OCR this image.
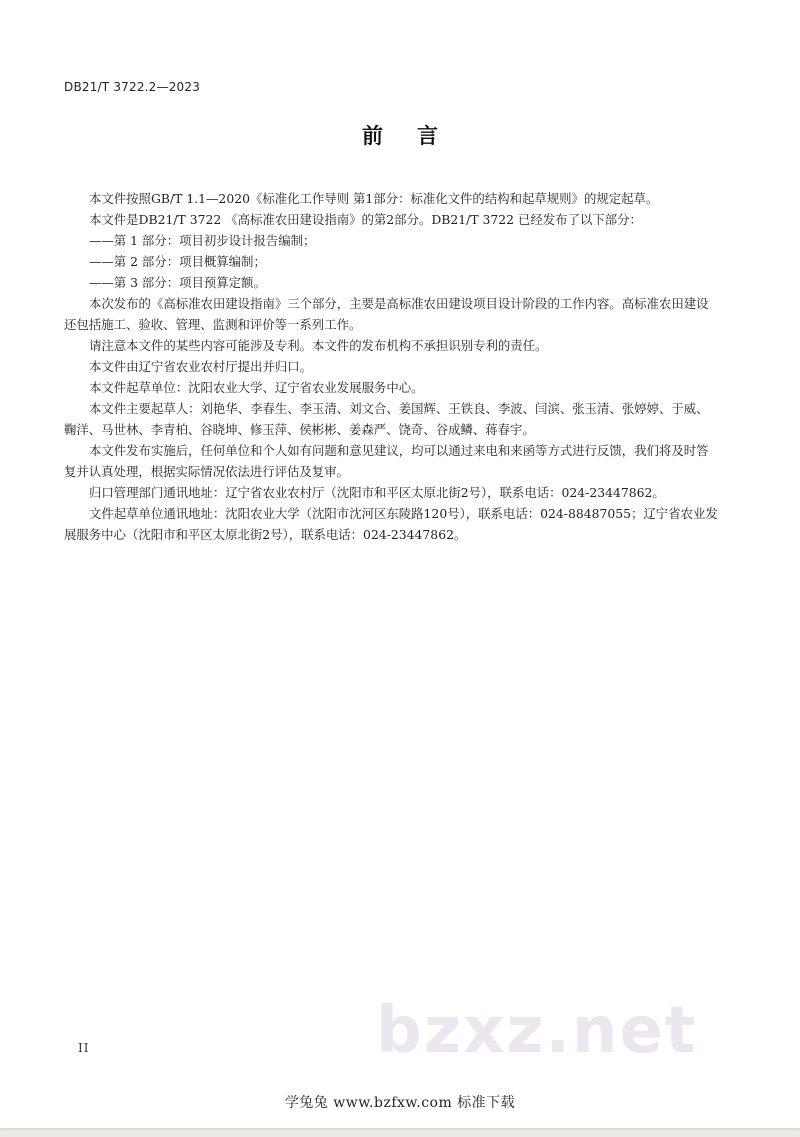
DB21/T 3722.2—2023
前言

本文件按照GB/T 1.1—2020《标准化工作导则 第1部分：标准化文件的结构和起草规则》的规定起草。

本文件是DB21/T 3722 《高标准农田建设指南》的第2部分。DB21/T 3722 已经发布了以下部分：

——第 1 部分：项目初步设计报告编制；

——第 2 部分：项目概算编制；

——第 3 部分：项目预算定额。

本次发布的《高标准农田建设指南》三个部分，主要是高标准农田建设项目设计阶段的工作内容。高标准农田建设还包括施工、验收、管理、监测和评价等一系列工作。

请注意本文件的某些内容可能涉及专利。本文件的发布机构不承担识别专利的责任。

本文件由辽宁省农业农村厅提出并归口。

本文件起草单位：沈阳农业大学、辽宁省农业发展服务中心。

本文件主要起草人：刘艳华、李春生、李玉清、刘文合、姜国辉、王铁良、李波、闫滨、张玉清、张婷婷、于威、鞠洋、马世林、李青柏、谷晓坤、修玉萍、侯彬彬、姜森严、饶奇、谷成鳞、蒋春宇。

本文件发布实施后，任何单位和个人如有问题和意见建议，均可以通过来电和来函等方式进行反馈，我们将及时答复并认真处理，根据实际情况依法进行评估及复审。

归口管理部门通讯地址：辽宁省农业农村厅（沈阳市和平区太原北街2号），联系电话：024-23447862。

文件起草单位通讯地址：沈阳农业大学（沈阳市沈河区东陵路120号），联系电话：024-88487055；辽宁省农业发展服务中心（沈阳市和平区太原北街2号），联系电话：024-23447862。

bzxz.net
II
学兔兔 www.bzfxw.com 标准下载
